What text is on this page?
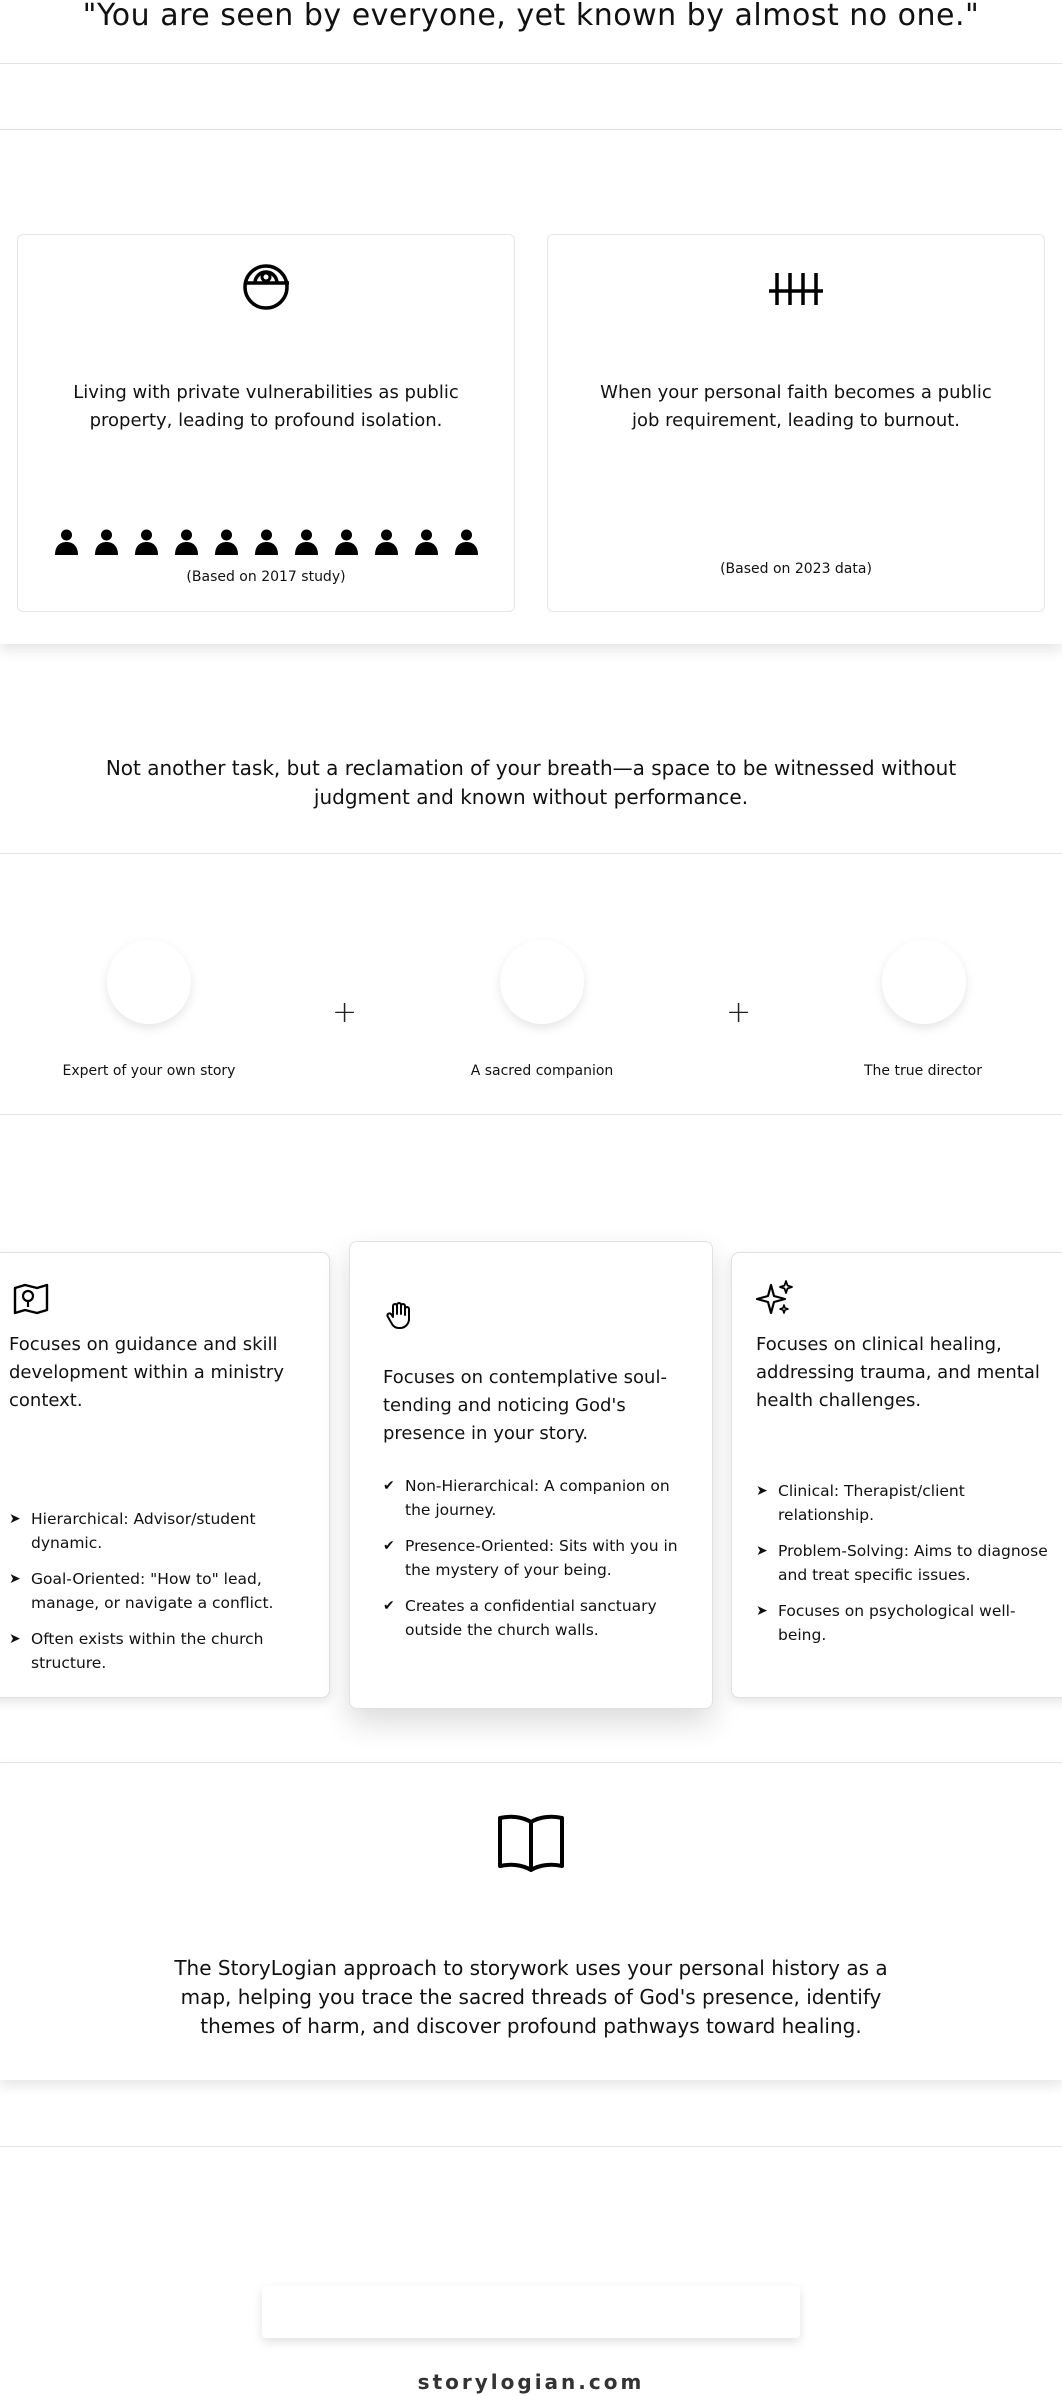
"You are seen by everyone, yet known by almost no one."
Living with private vulnerabilities as public property, leading to profound isolation.
(Based on 2017 study)
When your personal faith becomes a public job requirement, leading to burnout.
(Based on 2023 data)
Not another task, but a reclamation of your breath—a space to be witnessed without judgment and known without performance.
+	+
Expert of your own story	A sacred companion	The true director
Focuses on guidance and skill development within a ministry context.
➤ Hierarchical: Advisor/student dynamic.
➤ Goal-Oriented: "How to" lead, manage, or navigate a conflict.
➤ Often exists within the church structure.
Focuses on contemplative soul-tending and noticing God's presence in your story.
✔ Non-Hierarchical: A companion on the journey.
✔ Presence-Oriented: Sits with you in the mystery of your being.
✔ Creates a confidential sanctuary outside the church walls.
Focuses on clinical healing, addressing trauma, and mental health challenges.
➤ Clinical: Therapist/client relationship.
➤ Problem-Solving: Aims to diagnose and treat specific issues.
➤ Focuses on psychological well-being.
The StoryLogian approach to storywork uses your personal history as a map, helping you trace the sacred threads of God's presence, identify themes of harm, and discover profound pathways toward healing.
storylogian.com
